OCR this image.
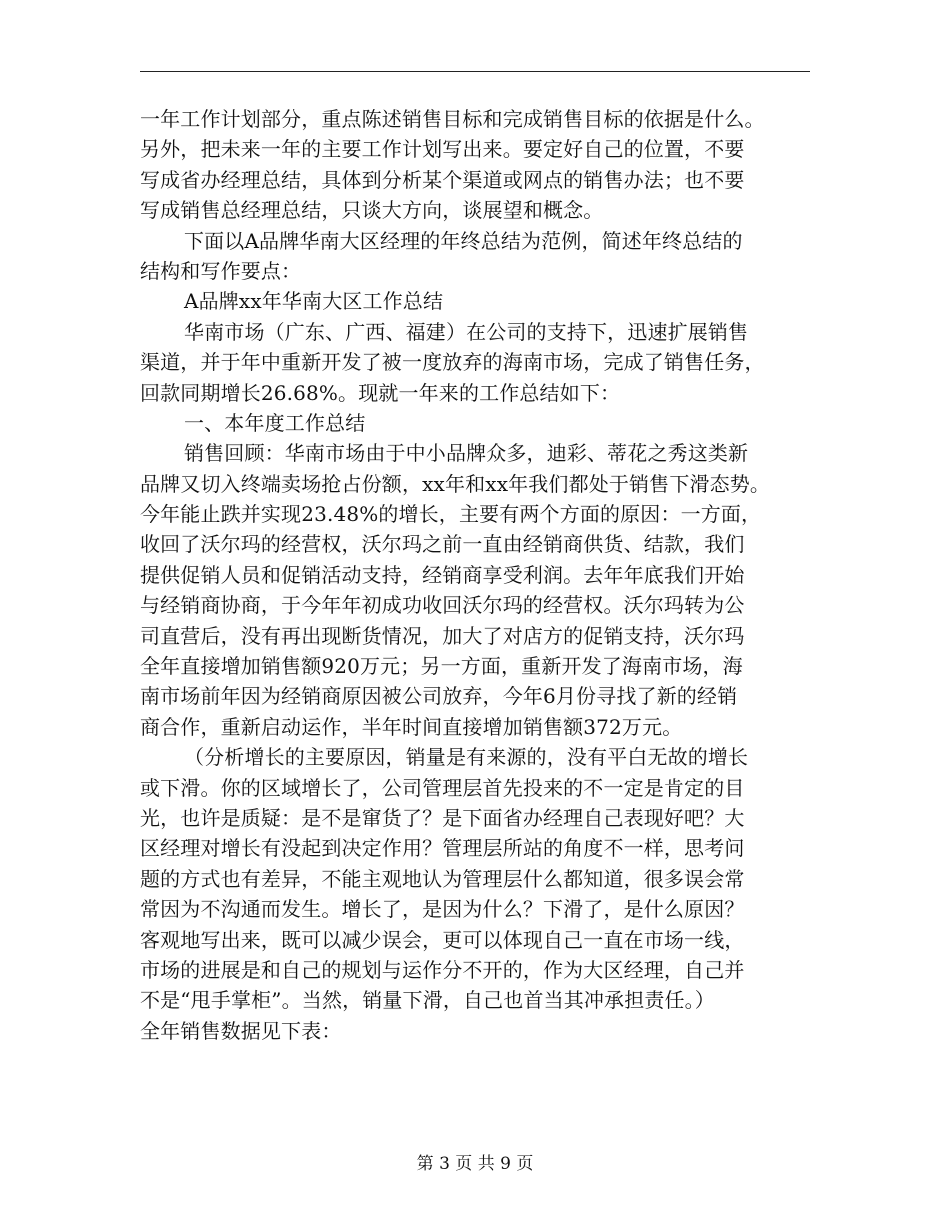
一年工作计划部分，重点陈述销售目标和完成销售目标的依据是什么。
另外，把未来一年的主要工作计划写出来。要定好自己的位置，不要
写成省办经理总结，具体到分析某个渠道或网点的销售办法；也不要
写成销售总经理总结，只谈大方向，谈展望和概念。
下面以A品牌华南大区经理的年终总结为范例，简述年终总结的
结构和写作要点：
A品牌xx年华南大区工作总结
华南市场（广东、广西、福建）在公司的支持下，迅速扩展销售
渠道，并于年中重新开发了被一度放弃的海南市场，完成了销售任务，
回款同期增长26.68%。现就一年来的工作总结如下：
一、本年度工作总结
销售回顾：华南市场由于中小品牌众多，迪彩、蒂花之秀这类新
品牌又切入终端卖场抢占份额，xx年和xx年我们都处于销售下滑态势。
今年能止跌并实现23.48%的增长，主要有两个方面的原因：一方面，
收回了沃尔玛的经营权，沃尔玛之前一直由经销商供货、结款，我们
提供促销人员和促销活动支持，经销商享受利润。去年年底我们开始
与经销商协商，于今年年初成功收回沃尔玛的经营权。沃尔玛转为公
司直营后，没有再出现断货情况，加大了对店方的促销支持，沃尔玛
全年直接增加销售额920万元；另一方面，重新开发了海南市场，海
南市场前年因为经销商原因被公司放弃，今年6月份寻找了新的经销
商合作，重新启动运作，半年时间直接增加销售额372万元。
（分析增长的主要原因，销量是有来源的，没有平白无故的增长
或下滑。你的区域增长了，公司管理层首先投来的不一定是肯定的目
光，也许是质疑：是不是窜货了？是下面省办经理自己表现好吧？大
区经理对增长有没起到决定作用？管理层所站的角度不一样，思考问
题的方式也有差异，不能主观地认为管理层什么都知道，很多误会常
常因为不沟通而发生。增长了，是因为什么？下滑了，是什么原因？
客观地写出来，既可以减少误会，更可以体现自己一直在市场一线，
市场的进展是和自己的规划与运作分不开的，作为大区经理，自己并
不是“甩手掌柜”。当然，销量下滑，自己也首当其冲承担责任。）
全年销售数据见下表：
第 3 页 共 9 页
